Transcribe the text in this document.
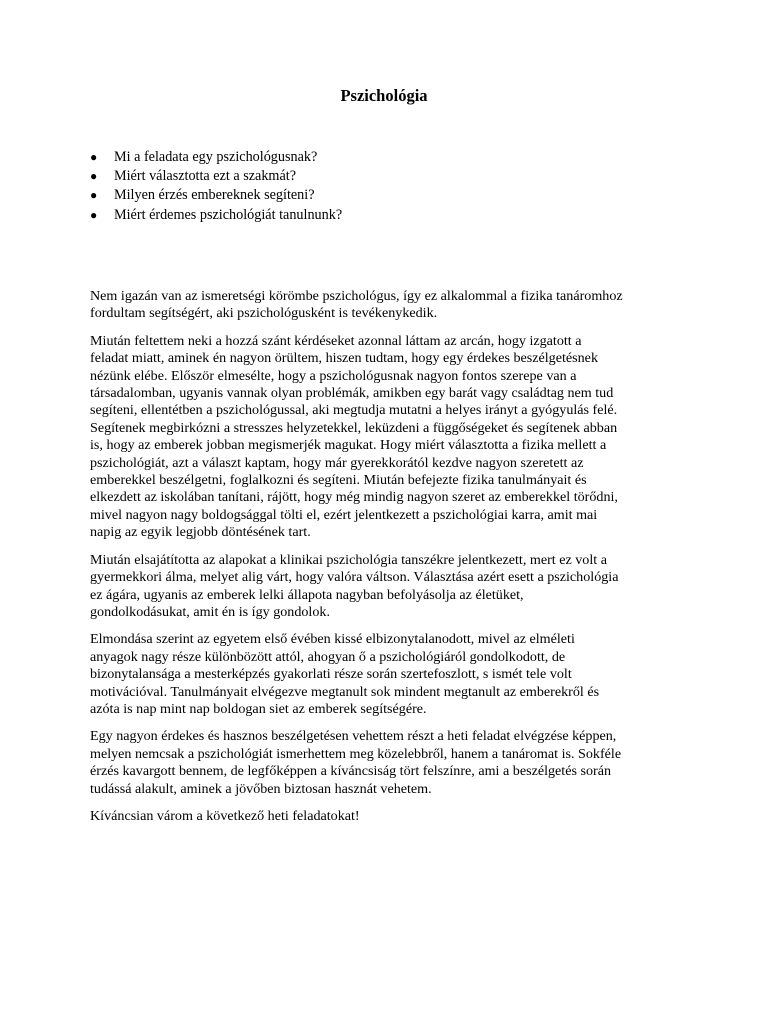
Pszichológia
● Mi a feladata egy pszichológusnak?
● Miért választotta ezt a szakmát?
● Milyen érzés embereknek segíteni?
● Miért érdemes pszichológiát tanulnunk?

Nem igazán van az ismeretségi körömbe pszichológus, így ez alkalommal a fizika tanáromhoz
fordultam segítségért, aki pszichológusként is tevékenykedik.

Miután feltettem neki a hozzá szánt kérdéseket azonnal láttam az arcán, hogy izgatott a
feladat miatt, aminek én nagyon örültem, hiszen tudtam, hogy egy érdekes beszélgetésnek
nézünk elébe. Először elmesélte, hogy a pszichológusnak nagyon fontos szerepe van a
társadalomban, ugyanis vannak olyan problémák, amikben egy barát vagy családtag nem tud
segíteni, ellentétben a pszichológussal, aki megtudja mutatni a helyes irányt a gyógyulás felé.
Segítenek megbirkózni a stresszes helyzetekkel, leküzdeni a függőségeket és segítenek abban
is, hogy az emberek jobban megismerjék magukat. Hogy miért választotta a fizika mellett a
pszichológiát, azt a választ kaptam, hogy már gyerekkorától kezdve nagyon szeretett az
emberekkel beszélgetni, foglalkozni és segíteni. Miután befejezte fizika tanulmányait és
elkezdett az iskolában tanítani, rájött, hogy még mindig nagyon szeret az emberekkel törődni,
mivel nagyon nagy boldogsággal tölti el, ezért jelentkezett a pszichológiai karra, amit mai
napig az egyik legjobb döntésének tart.

Miután elsajátította az alapokat a klinikai pszichológia tanszékre jelentkezett, mert ez volt a
gyermekkori álma, melyet alig várt, hogy valóra váltson. Választása azért esett a pszichológia
ez ágára, ugyanis az emberek lelki állapota nagyban befolyásolja az életüket,
gondolkodásukat, amit én is így gondolok.

Elmondása szerint az egyetem első évében kissé elbizonytalanodott, mivel az elméleti
anyagok nagy része különbözött attól, ahogyan ő a pszichológiáról gondolkodott, de
bizonytalansága a mesterképzés gyakorlati része során szertefoszlott, s ismét tele volt
motivációval. Tanulmányait elvégezve megtanult sok mindent megtanult az emberekről és
azóta is nap mint nap boldogan siet az emberek segítségére.

Egy nagyon érdekes és hasznos beszélgetésen vehettem részt a heti feladat elvégzése képpen,
melyen nemcsak a pszichológiát ismerhettem meg közelebbről, hanem a tanáromat is. Sokféle
érzés kavargott bennem, de legfőképpen a kíváncsiság tört felszínre, ami a beszélgetés során
tudássá alakult, aminek a jövőben biztosan hasznát vehetem.

Kíváncsian várom a következő heti feladatokat!
